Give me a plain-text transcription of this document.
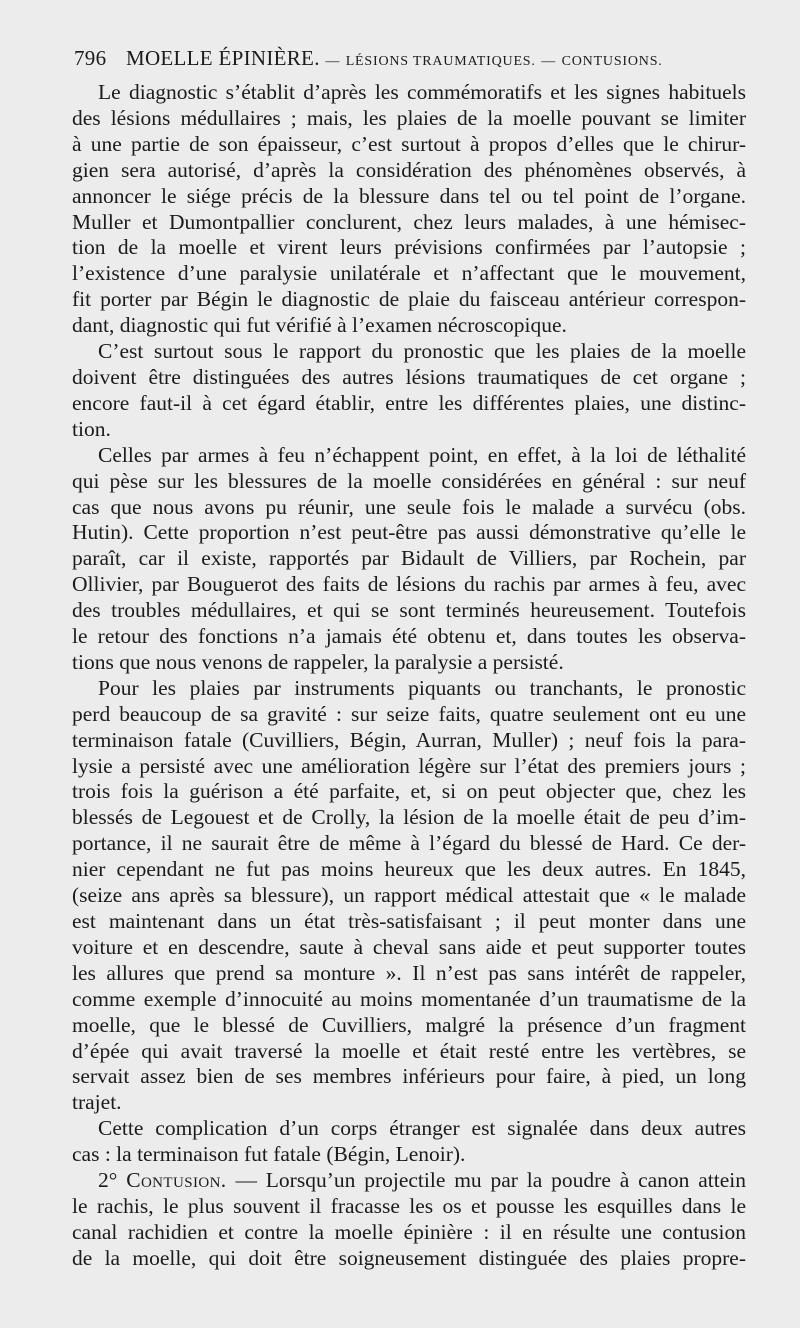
796 MOELLE ÉPINIÈRE. — LÉSIONS TRAUMATIQUES. — CONTUSIONS.

Le diagnostic s’établit d’après les commémoratifs et les signes habituels
des lésions médullaires ; mais, les plaies de la moelle pouvant se limiter
à une partie de son épaisseur, c’est surtout à propos d’elles que le chirur-
gien sera autorisé, d’après la considération des phénomènes observés, à
annoncer le siége précis de la blessure dans tel ou tel point de l’organe.
Muller et Dumontpallier conclurent, chez leurs malades, à une hémisec-
tion de la moelle et virent leurs prévisions confirmées par l’autopsie ;
l’existence d’une paralysie unilatérale et n’affectant que le mouvement,
fit porter par Bégin le diagnostic de plaie du faisceau antérieur correspon-
dant, diagnostic qui fut vérifié à l’examen nécroscopique.

C’est surtout sous le rapport du pronostic que les plaies de la moelle
doivent être distinguées des autres lésions traumatiques de cet organe ;
encore faut-il à cet égard établir, entre les différentes plaies, une distinc-
tion.

Celles par armes à feu n’échappent point, en effet, à la loi de léthalité
qui pèse sur les blessures de la moelle considérées en général : sur neuf
cas que nous avons pu réunir, une seule fois le malade a survécu (obs.
Hutin). Cette proportion n’est peut-être pas aussi démonstrative qu’elle le
paraît, car il existe, rapportés par Bidault de Villiers, par Rochein, par
Ollivier, par Bouguerot des faits de lésions du rachis par armes à feu, avec
des troubles médullaires, et qui se sont terminés heureusement. Toutefois
le retour des fonctions n’a jamais été obtenu et, dans toutes les observa-
tions que nous venons de rappeler, la paralysie a persisté.

Pour les plaies par instruments piquants ou tranchants, le pronostic
perd beaucoup de sa gravité : sur seize faits, quatre seulement ont eu une
terminaison fatale (Cuvilliers, Bégin, Aurran, Muller) ; neuf fois la para-
lysie a persisté avec une amélioration légère sur l’état des premiers jours ;
trois fois la guérison a été parfaite, et, si on peut objecter que, chez les
blessés de Legouest et de Crolly, la lésion de la moelle était de peu d’im-
portance, il ne saurait être de même à l’égard du blessé de Hard. Ce der-
nier cependant ne fut pas moins heureux que les deux autres. En 1845,
(seize ans après sa blessure), un rapport médical attestait que « le malade
est maintenant dans un état très-satisfaisant ; il peut monter dans une
voiture et en descendre, saute à cheval sans aide et peut supporter toutes
les allures que prend sa monture ». Il n’est pas sans intérêt de rappeler,
comme exemple d’innocuité au moins momentanée d’un traumatisme de la
moelle, que le blessé de Cuvilliers, malgré la présence d’un fragment
d’épée qui avait traversé la moelle et était resté entre les vertèbres, se
servait assez bien de ses membres inférieurs pour faire, à pied, un long
trajet.

Cette complication d’un corps étranger est signalée dans deux autres
cas : la terminaison fut fatale (Bégin, Lenoir).

2° Contusion. — Lorsqu’un projectile mu par la poudre à canon attein
le rachis, le plus souvent il fracasse les os et pousse les esquilles dans le
canal rachidien et contre la moelle épinière : il en résulte une contusion
de la moelle, qui doit être soigneusement distinguée des plaies propre-
